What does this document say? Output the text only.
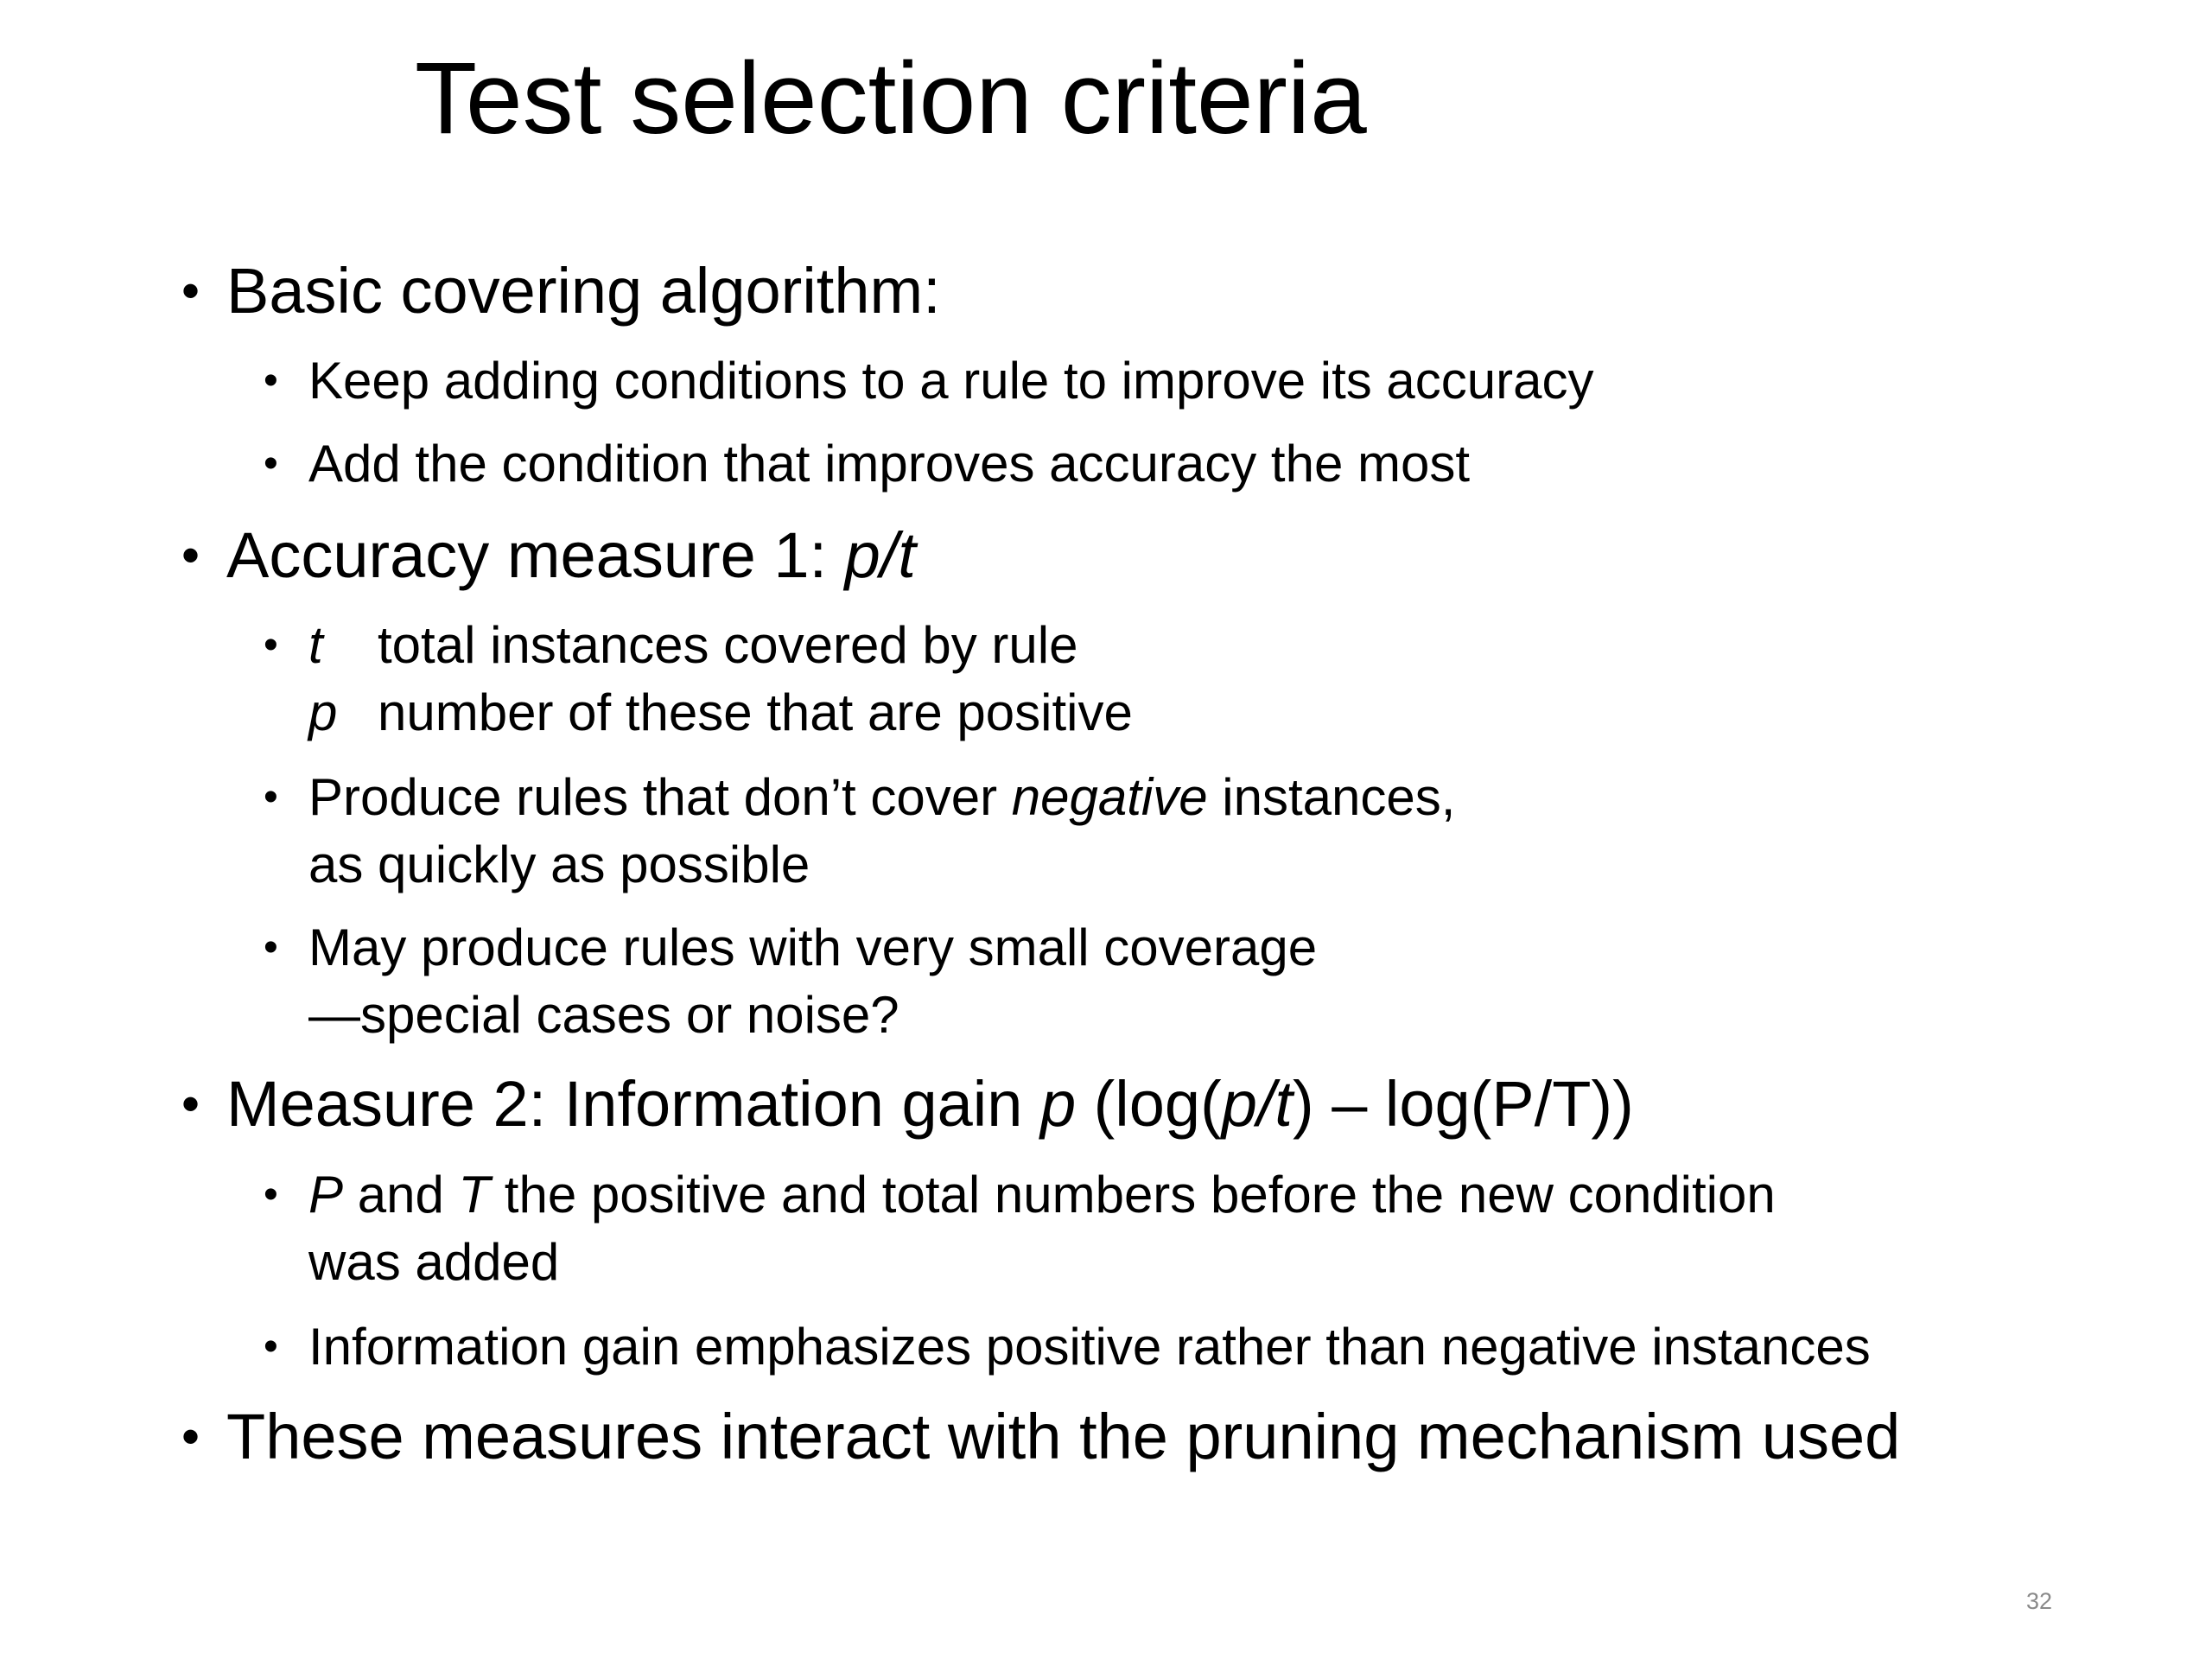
Test selection criteria
• Basic covering algorithm:
• Keep adding conditions to a rule to improve its accuracy
• Add the condition that improves accuracy the most
• Accuracy measure 1: p/t
• t total instances covered by rule
p number of these that are positive
• Produce rules that don’t cover negative instances,
as quickly as possible
• May produce rules with very small coverage
—special cases or noise?
• Measure 2: Information gain p (log(p/t) – log(P/T))
• P and T the positive and total numbers before the new condition
was added
• Information gain emphasizes positive rather than negative instances
• These measures interact with the pruning mechanism used
32
